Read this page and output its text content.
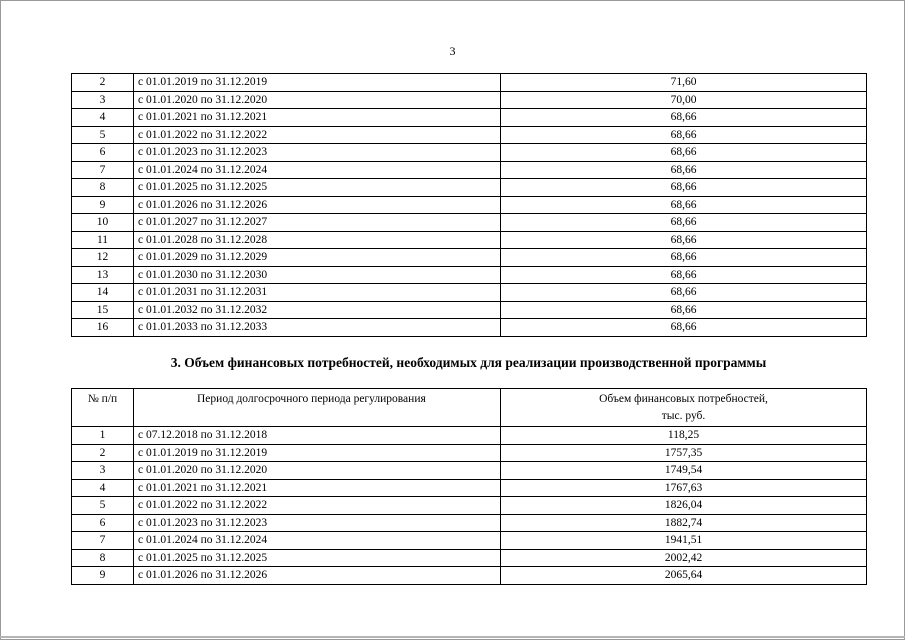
3
2	с 01.01.2019 по 31.12.2019	71,60
3	с 01.01.2020 по 31.12.2020	70,00
4	с 01.01.2021 по 31.12.2021	68,66
5	с 01.01.2022 по 31.12.2022	68,66
6	с 01.01.2023 по 31.12.2023	68,66
7	с 01.01.2024 по 31.12.2024	68,66
8	с 01.01.2025 по 31.12.2025	68,66
9	с 01.01.2026 по 31.12.2026	68,66
10	с 01.01.2027 по 31.12.2027	68,66
11	с 01.01.2028 по 31.12.2028	68,66
12	с 01.01.2029 по 31.12.2029	68,66
13	с 01.01.2030 по 31.12.2030	68,66
14	с 01.01.2031 по 31.12.2031	68,66
15	с 01.01.2032 по 31.12.2032	68,66
16	с 01.01.2033 по 31.12.2033	68,66
3. Объем финансовых потребностей, необходимых для реализации производственной программы
№ п/п	Период долгосрочного периода регулирования	Объем финансовых потребностей,
тыс. руб.
1	с 07.12.2018 по 31.12.2018	118,25
2	с 01.01.2019 по 31.12.2019	1757,35
3	с 01.01.2020 по 31.12.2020	1749,54
4	с 01.01.2021 по 31.12.2021	1767,63
5	с 01.01.2022 по 31.12.2022	1826,04
6	с 01.01.2023 по 31.12.2023	1882,74
7	с 01.01.2024 по 31.12.2024	1941,51
8	с 01.01.2025 по 31.12.2025	2002,42
9	с 01.01.2026 по 31.12.2026	2065,64
